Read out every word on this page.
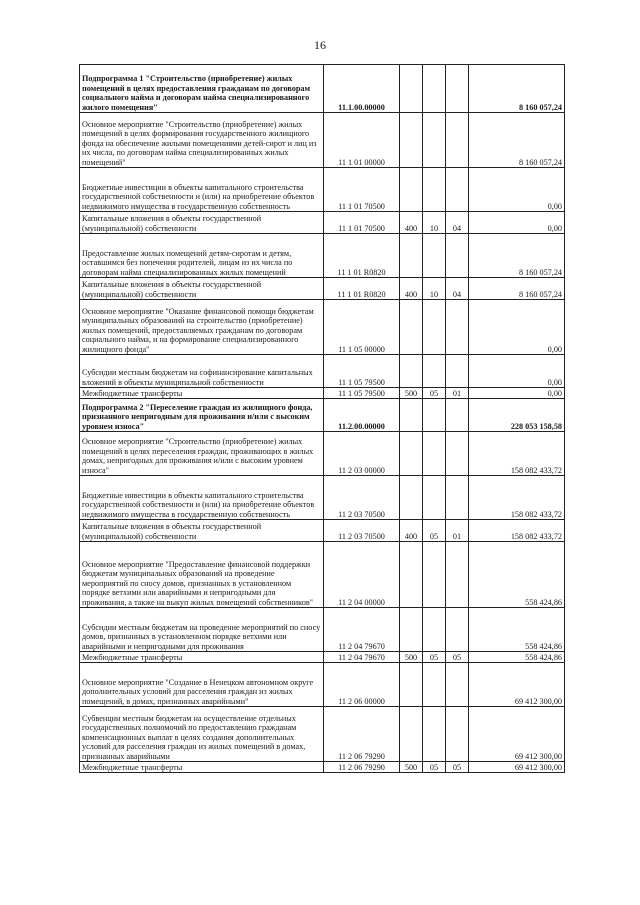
16
Подпрограмма 1 "Строительство (приобретение) жилых помещений в целях предоставления гражданам по договорам социального найма и договорам найма специализированного жилого помещения"	11.1.00.00000				8 160 057,24
Основное мероприятие "Строительство (приобретение) жилых помещений в целях формирования государственного жилищного фонда на обеспечение жилыми помещениями детей-сирот и лиц из их числа, по договорам найма специализированных жилых помещений"	11 1 01 00000				8 160 057,24
Бюджетные инвестиции в объекты капитального строительства государственной собственности и (или) на приобретение объектов недвижимого имущества в государственную собственность	11 1 01 70500				0,00
Капитальные вложения в объекты государственной (муниципальной) собственности	11 1 01 70500	400	10	04	0,00
Предоставление жилых помещений детям-сиротам и детям, оставшимся без попечения родителей, лицам из их числа по договорам найма специализированных жилых помещений	11 1 01 R0820				8 160 057,24
Капитальные вложения в объекты государственной (муниципальной) собственности	11 1 01 R0820	400	10	04	8 160 057,24
Основное мероприятие "Оказание финансовой помощи бюджетам муниципальных образований на строительство (приобретение) жилых помещений, предоставляемых гражданам по договорам социального найма, и на формирование специализированного жилищного фонда"	11 1 05 00000				0,00
Субсидии местным бюджетам на софинансирование капитальных вложений в объекты муниципальной собственности	11 1 05 79500				0,00
Межбюджетные трансферты	11 1 05 79500	500	05	01	0,00
Подпрограмма 2 "Переселение граждан из жилищного фонда, признанного непригодным для проживания и/или с высоким уровнем износа"	11.2.00.00000				228 053 158,58
Основное мероприятие "Строительство (приобретение) жилых помещений в целях переселения граждан, проживающих в жилых домах, непригодных для проживания и/или с высоким уровнем износа"	11 2 03 00000				158 082 433,72
Бюджетные инвестиции в объекты капитального строительства государственной собственности и (или) на приобретение объектов недвижимого имущества в государственную собственность	11 2 03 70500				158 082 433,72
Капитальные вложения в объекты государственной (муниципальной) собственности	11 2 03 70500	400	05	01	158 082 433,72
Основное мероприятие "Предоставление финансовой поддержки бюджетам муниципальных образований на проведение мероприятий по сносу домов, признанных в установленном порядке ветхими или аварийными и непригодными для проживания, а также на выкуп жилых помещений собственников"	11 2 04 00000				558 424,86
Субсидии местным бюджетам на проведение мероприятий по сносу домов, признанных в установленном порядке ветхими или аварийными и непригодными для проживания	11 2 04 79670				558 424,86
Межбюджетные трансферты	11 2 04 79670	500	05	05	558 424,86
Основное мероприятие "Создание в Ненецком автономном округе дополнительных условий для расселения граждан из жилых помещений, в домах, признанных аварийными"	11 2 06 00000				69 412 300,00
Субвенции местным бюджетам на осуществление отдельных государственных полномочий по предоставлению гражданам компенсационных выплат в целях создания дополнительных условий для расселения граждан из жилых помещений в домах, признанных аварийными	11 2 06 79290				69 412 300,00
Межбюджетные трансферты	11 2 06 79290	500	05	05	69 412 300,00
